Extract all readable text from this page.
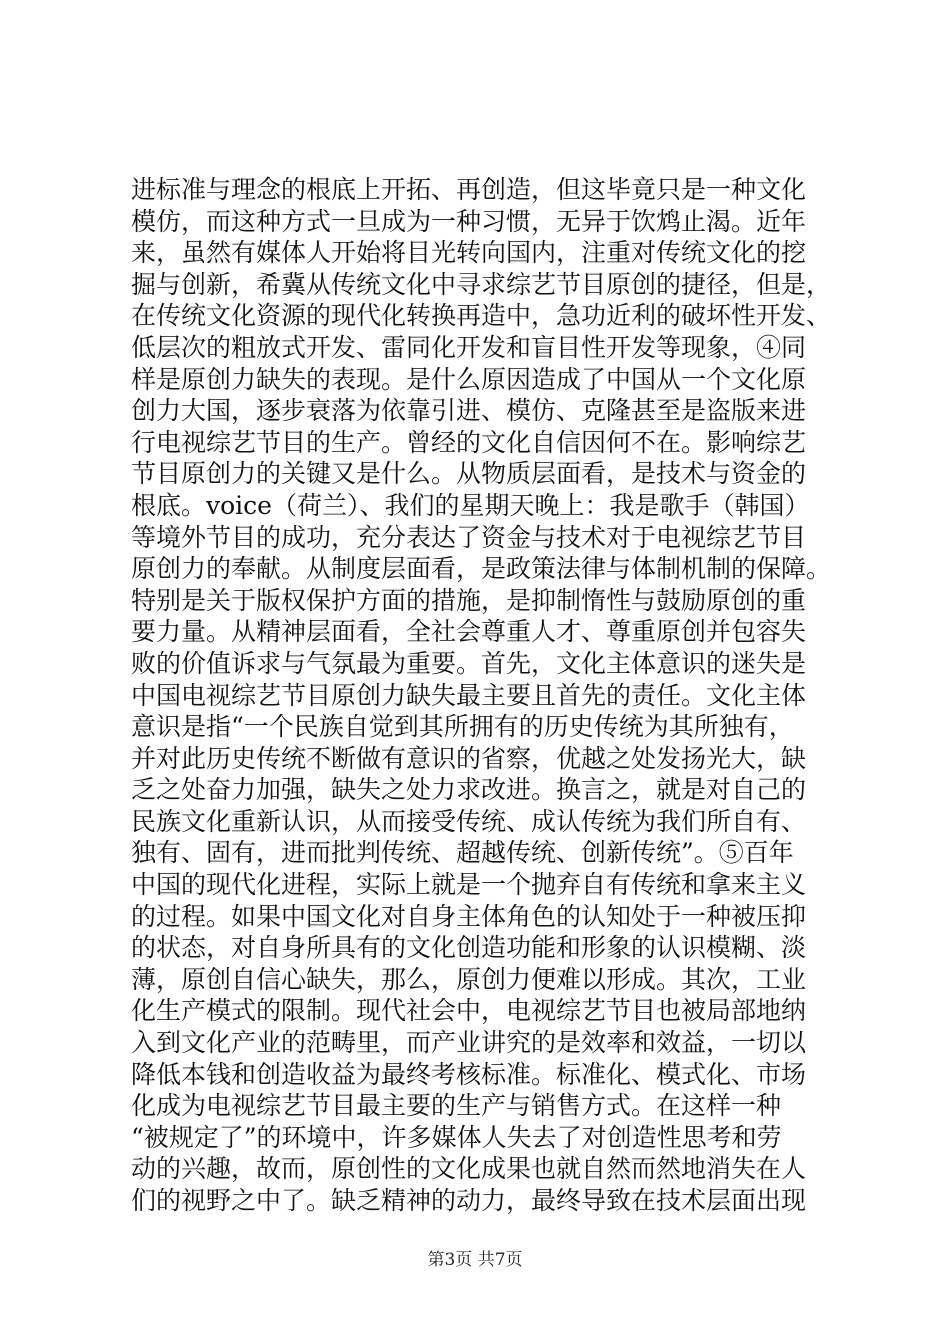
进标准与理念的根底上开拓、再创造，但这毕竟只是一种文化
模仿，而这种方式一旦成为一种习惯，无异于饮鸩止渴。近年
来，虽然有媒体人开始将目光转向国内，注重对传统文化的挖
掘与创新，希冀从传统文化中寻求综艺节目原创的捷径，但是，
在传统文化资源的现代化转换再造中，急功近利的破坏性开发、
低层次的粗放式开发、雷同化开发和盲目性开发等现象，④同
样是原创力缺失的表现。是什么原因造成了中国从一个文化原
创力大国，逐步衰落为依靠引进、模仿、克隆甚至是盗版来进
行电视综艺节目的生产。曾经的文化自信因何不在。影响综艺
节目原创力的关键又是什么。从物质层面看，是技术与资金的
根底。voice（荷兰）、我们的星期天晚上：我是歌手（韩国）
等境外节目的成功，充分表达了资金与技术对于电视综艺节目
原创力的奉献。从制度层面看，是政策法律与体制机制的保障。
特别是关于版权保护方面的措施，是抑制惰性与鼓励原创的重
要力量。从精神层面看，全社会尊重人才、尊重原创并包容失
败的价值诉求与气氛最为重要。首先，文化主体意识的迷失是
中国电视综艺节目原创力缺失最主要且首先的责任。文化主体
意识是指“一个民族自觉到其所拥有的历史传统为其所独有，
并对此历史传统不断做有意识的省察，优越之处发扬光大，缺
乏之处奋力加强，缺失之处力求改进。换言之，就是对自己的
民族文化重新认识，从而接受传统、成认传统为我们所自有、
独有、固有，进而批判传统、超越传统、创新传统”。⑤百年
中国的现代化进程，实际上就是一个抛弃自有传统和拿来主义
的过程。如果中国文化对自身主体角色的认知处于一种被压抑
的状态，对自身所具有的文化创造功能和形象的认识模糊、淡
薄，原创自信心缺失，那么，原创力便难以形成。其次，工业
化生产模式的限制。现代社会中，电视综艺节目也被局部地纳
入到文化产业的范畴里，而产业讲究的是效率和效益，一切以
降低本钱和创造收益为最终考核标准。标准化、模式化、市场
化成为电视综艺节目最主要的生产与销售方式。在这样一种
“被规定了”的环境中，许多媒体人失去了对创造性思考和劳
动的兴趣，故而，原创性的文化成果也就自然而然地消失在人
们的视野之中了。缺乏精神的动力，最终导致在技术层面出现
第3页 共7页
